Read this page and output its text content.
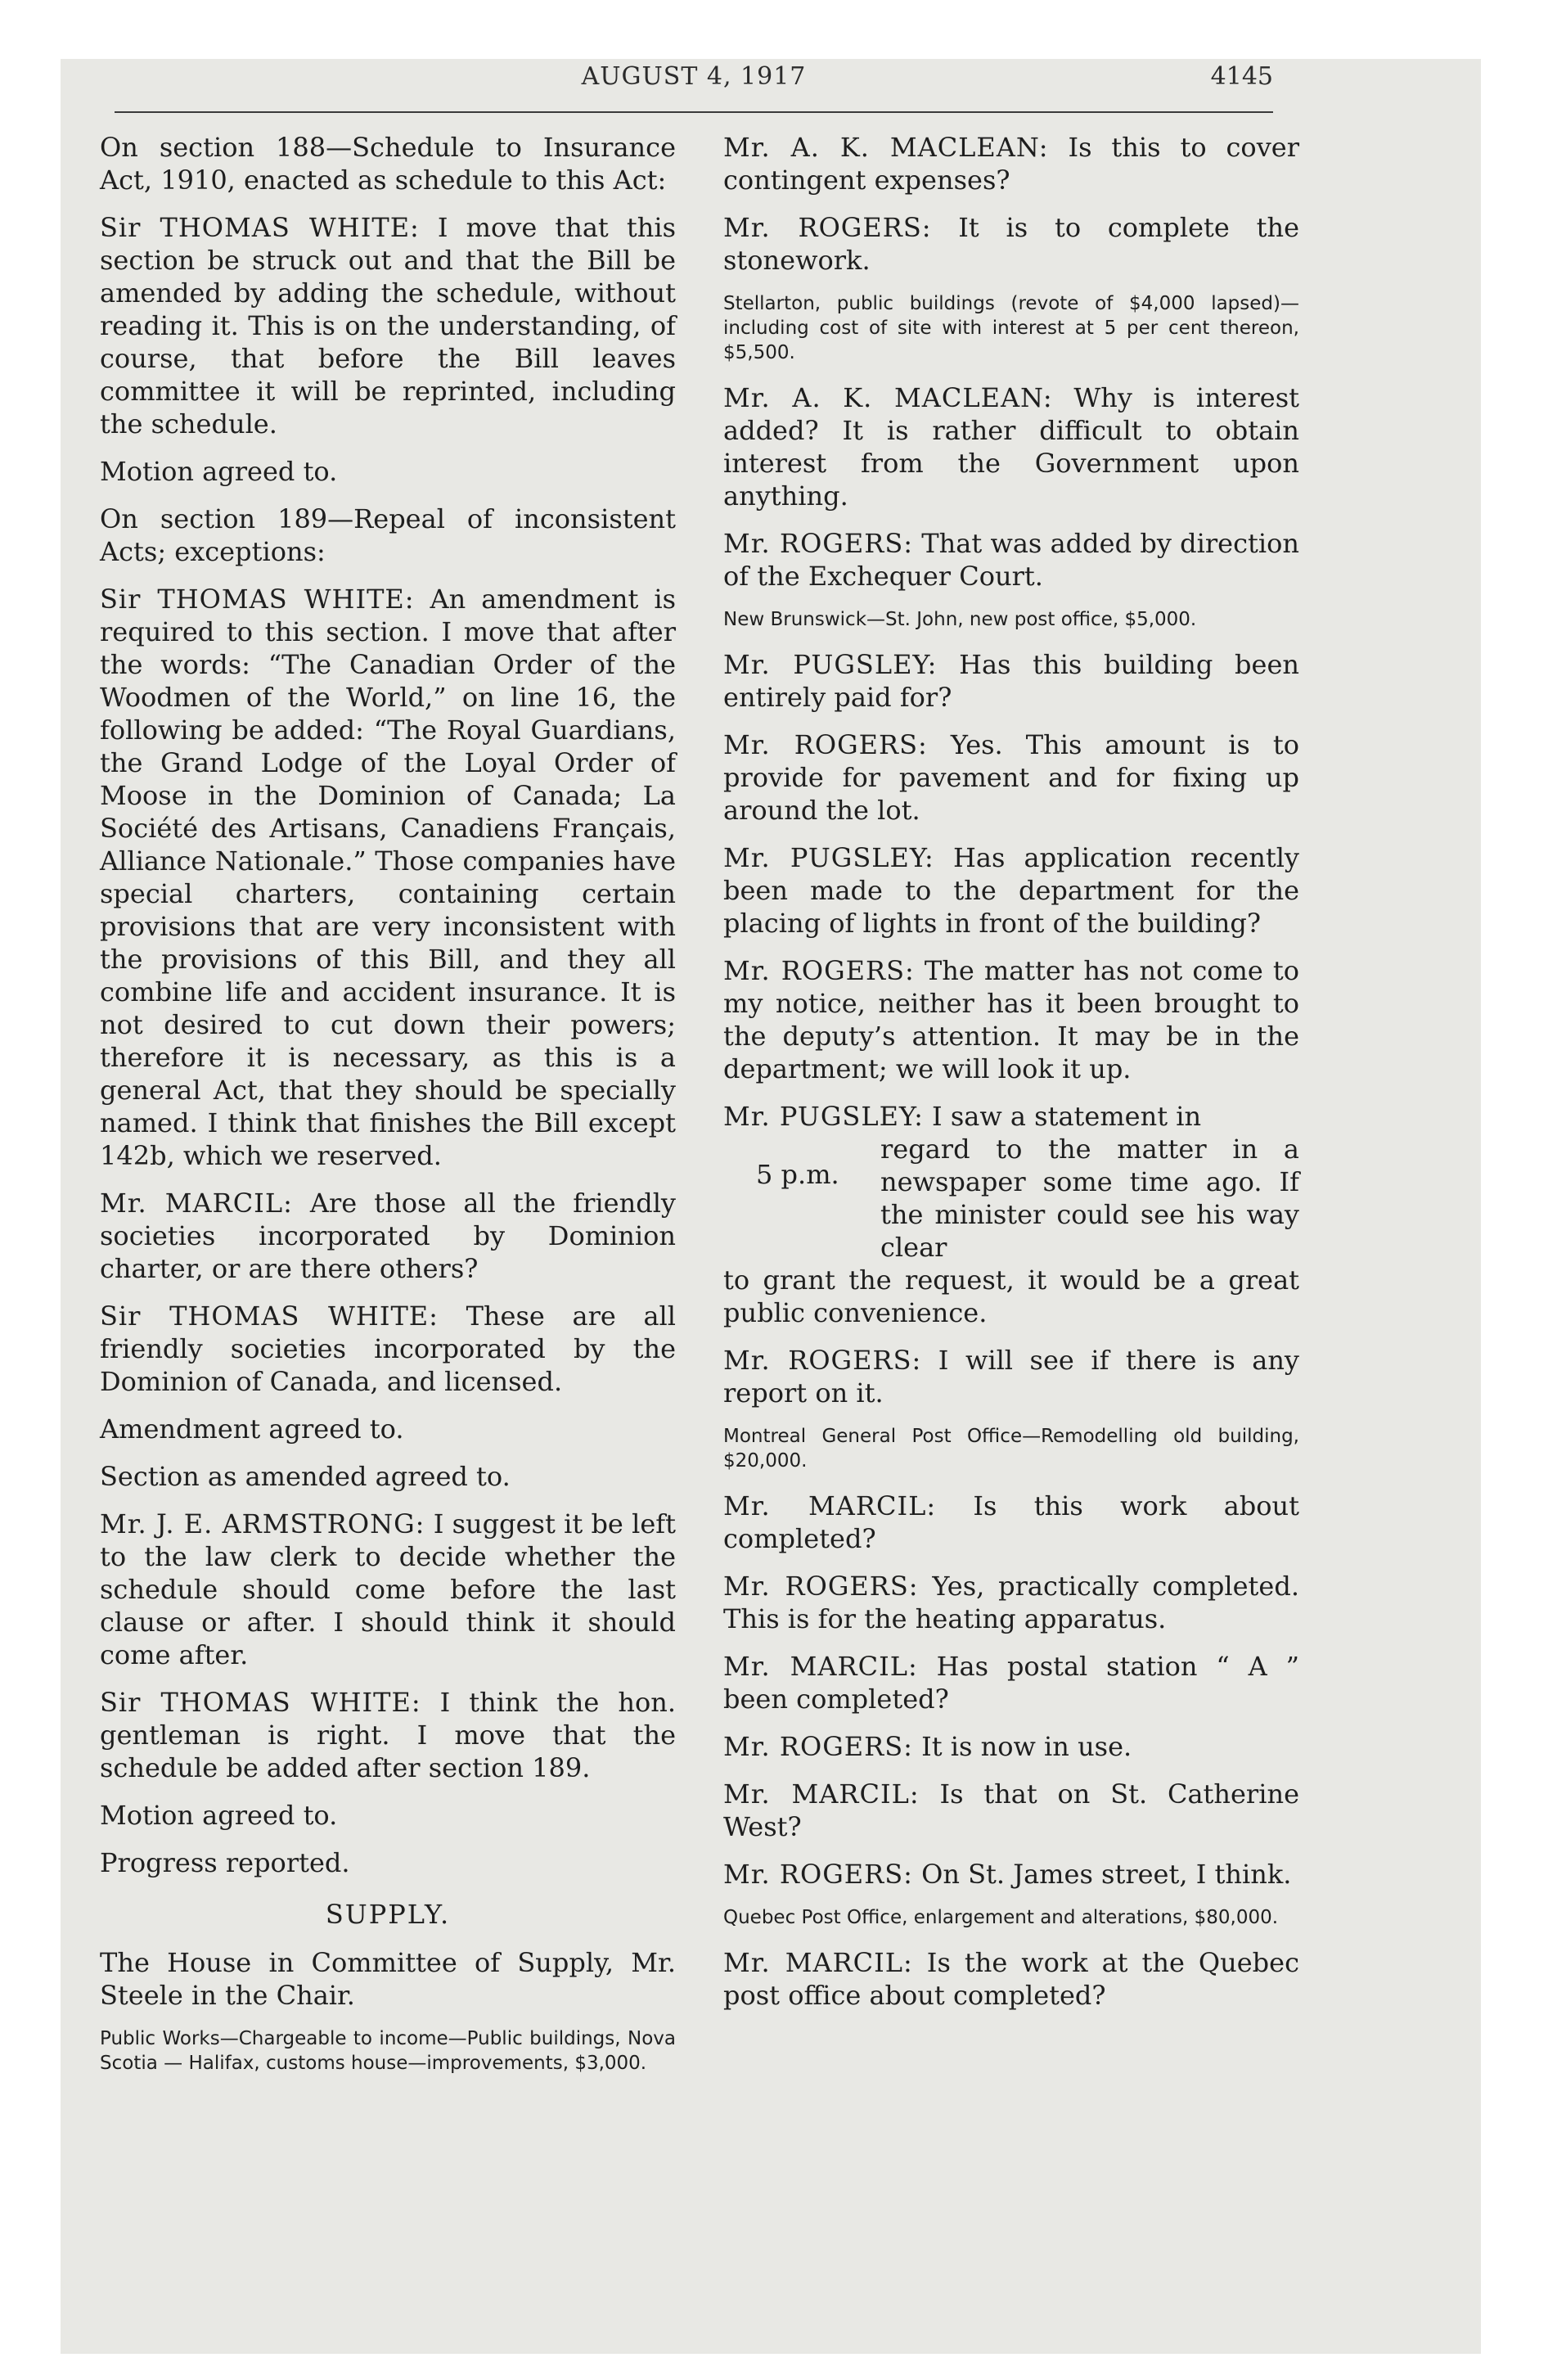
AUGUST 4, 1917	4145

On section 188—Schedule to Insurance Act, 1910, enacted as schedule to this Act:

Sir THOMAS WHITE: I move that this section be struck out and that the Bill be amended by adding the schedule, without reading it. This is on the understanding, of course, that before the Bill leaves committee it will be reprinted, including the schedule.

Motion agreed to.

On section 189—Repeal of inconsistent Acts; exceptions:

Sir THOMAS WHITE: An amendment is required to this section. I move that after the words: “The Canadian Order of the Woodmen of the World,” on line 16, the following be added: “The Royal Guardians, the Grand Lodge of the Loyal Order of Moose in the Dominion of Canada; La Société des Artisans, Canadiens Français, Alliance Nationale.” Those companies have special charters, containing certain provisions that are very inconsistent with the provisions of this Bill, and they all combine life and accident insurance. It is not desired to cut down their powers; therefore it is necessary, as this is a general Act, that they should be specially named. I think that finishes the Bill except 142b, which we reserved.

Mr. MARCIL: Are those all the friendly societies incorporated by Dominion charter, or are there others?

Sir THOMAS WHITE: These are all friendly societies incorporated by the Dominion of Canada, and licensed.

Amendment agreed to.

Section as amended agreed to.

Mr. J. E. ARMSTRONG: I suggest it be left to the law clerk to decide whether the schedule should come before the last clause or after. I should think it should come after.

Sir THOMAS WHITE: I think the hon. gentleman is right. I move that the schedule be added after section 189.

Motion agreed to.

Progress reported.

SUPPLY.

The House in Committee of Supply, Mr. Steele in the Chair.

Public Works—Chargeable to income—Public buildings, Nova Scotia — Halifax, customs house—improvements, $3,000.

Mr. A. K. MACLEAN: Is this to cover contingent expenses?

Mr. ROGERS: It is to complete the stonework.

Stellarton, public buildings (revote of $4,000 lapsed)—including cost of site with interest at 5 per cent thereon, $5,500.

Mr. A. K. MACLEAN: Why is interest added? It is rather difficult to obtain interest from the Government upon anything.

Mr. ROGERS: That was added by direction of the Exchequer Court.

New Brunswick—St. John, new post office, $5,000.

Mr. PUGSLEY: Has this building been entirely paid for?

Mr. ROGERS: Yes. This amount is to provide for pavement and for fixing up around the lot.

Mr. PUGSLEY: Has application recently been made to the department for the placing of lights in front of the building?

Mr. ROGERS: The matter has not come to my notice, neither has it been brought to the deputy’s attention. It may be in the department; we will look it up.

Mr. PUGSLEY: I saw a statement in

5 p.m.

regard to the matter in a newspaper some time ago. If the minister could see his way clear

to grant the request, it would be a great public convenience.

Mr. ROGERS: I will see if there is any report on it.

Montreal General Post Office—Remodelling old building, $20,000.

Mr. MARCIL: Is this work about completed?

Mr. ROGERS: Yes, practically completed. This is for the heating apparatus.

Mr. MARCIL: Has postal station “ A ” been completed?

Mr. ROGERS: It is now in use.

Mr. MARCIL: Is that on St. Catherine West?

Mr. ROGERS: On St. James street, I think.

Quebec Post Office, enlargement and alterations, $80,000.

Mr. MARCIL: Is the work at the Quebec post office about completed?
